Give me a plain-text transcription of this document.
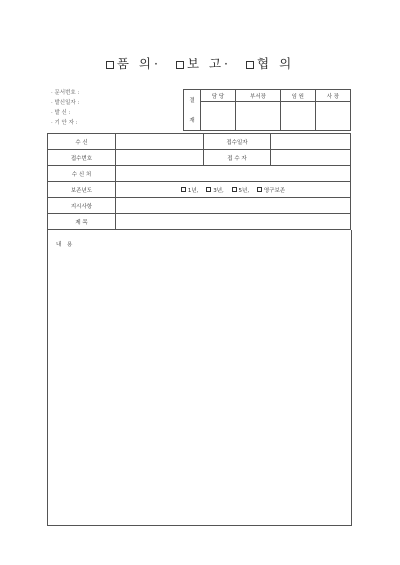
품 의· 보 고· 협 의
· 문서번호 :
· 발신일자 :
· 발 신 :
· 기 안 자 :
결
재	담 당	부서장	임 원	사 장

수 신		접수일자	
접수번호		접 수 자	
수 신 처			
보존년도	1년, 3년, 5년, 영구보존		
지시사항			
제 목			
내 용
